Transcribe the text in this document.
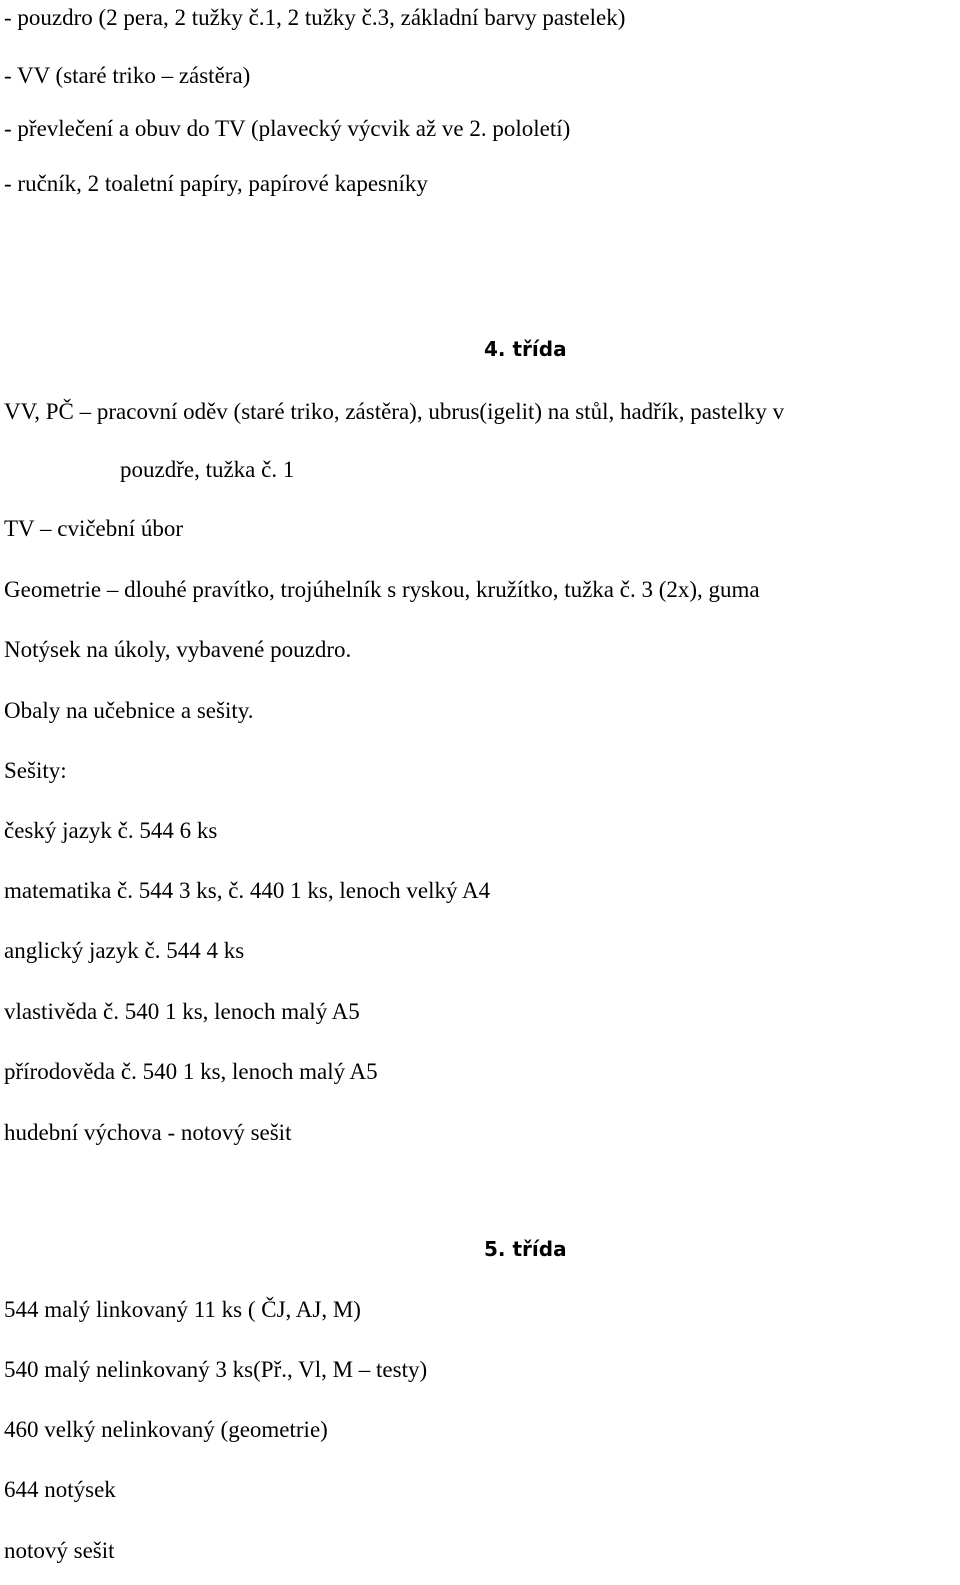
- pouzdro (2 pera, 2 tužky č.1, 2 tužky č.3, základní barvy pastelek)
- VV (staré triko – zástěra)
- převlečení a obuv do TV (plavecký výcvik až ve 2. pololetí)
- ručník, 2 toaletní papíry, papírové kapesníky
4. třída
VV, PČ – pracovní oděv (staré triko, zástěra), ubrus(igelit) na stůl, hadřík, pastelky v
pouzdře, tužka č. 1
TV – cvičební úbor
Geometrie – dlouhé pravítko, trojúhelník s ryskou, kružítko, tužka č. 3 (2x), guma
Notýsek na úkoly, vybavené pouzdro.
Obaly na učebnice a sešity.
Sešity:
český jazyk č. 544 6 ks
matematika č. 544 3 ks, č. 440 1 ks, lenoch velký A4
anglický jazyk č. 544 4 ks
vlastivěda č. 540 1 ks, lenoch malý A5
přírodověda č. 540 1 ks, lenoch malý A5
hudební výchova - notový sešit
5. třída
544 malý linkovaný 11 ks ( ČJ, AJ, M)
540 malý nelinkovaný 3 ks(Př., Vl, M – testy)
460 velký nelinkovaný (geometrie)
644 notýsek
notový sešit
